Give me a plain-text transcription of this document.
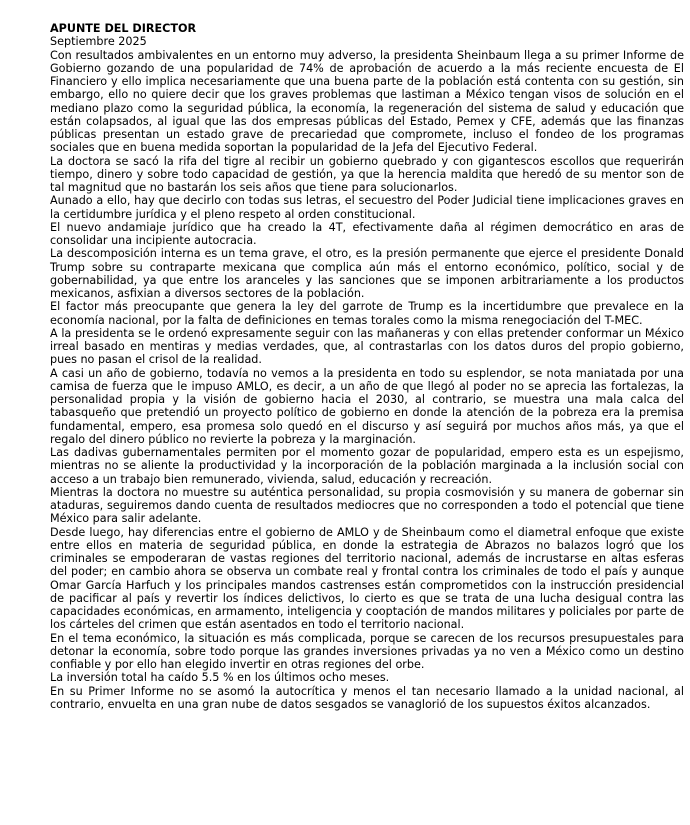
APUNTE DEL DIRECTOR
Septiembre 2025

Con resultados ambivalentes en un entorno muy adverso, la presidenta Sheinbaum llega a su primer Informe de Gobierno gozando de una popularidad de 74% de aprobación de acuerdo a la más reciente encuesta de El Financiero y ello implica necesariamente que una buena parte de la población está contenta con su gestión, sin embargo, ello no quiere decir que los graves problemas que lastiman a México tengan visos de solución en el mediano plazo como la seguridad pública, la economía, la regeneración del sistema de salud y educación que están colapsados, al igual que las dos empresas públicas del Estado, Pemex y CFE, además que las finanzas públicas presentan un estado grave de precariedad que compromete, incluso el fondeo de los programas sociales que en buena medida soportan la popularidad de la Jefa del Ejecutivo Federal.

La doctora se sacó la rifa del tigre al recibir un gobierno quebrado y con gigantescos escollos que requerirán tiempo, dinero y sobre todo capacidad de gestión, ya que la herencia maldita que heredó de su mentor son de tal magnitud que no bastarán los seis años que tiene para solucionarlos.

Aunado a ello, hay que decirlo con todas sus letras, el secuestro del Poder Judicial tiene implicaciones graves en la certidumbre jurídica y el pleno respeto al orden constitucional.

El nuevo andamiaje jurídico que ha creado la 4T, efectivamente daña al régimen democrático en aras de consolidar una incipiente autocracia.

La descomposición interna es un tema grave, el otro, es la presión permanente que ejerce el presidente Donald Trump sobre su contraparte mexicana que complica aún más el entorno económico, político, social y de gobernabilidad, ya que entre los aranceles y las sanciones que se imponen arbitrariamente a los productos mexicanos, asfixian a diversos sectores de la población.

El factor más preocupante que genera la ley del garrote de Trump es la incertidumbre que prevalece en la economía nacional, por la falta de definiciones en temas torales como la misma renegociación del T-MEC.

A la presidenta se le ordenó expresamente seguir con las mañaneras y con ellas pretender conformar un México irreal basado en mentiras y medias verdades, que, al contrastarlas con los datos duros del propio gobierno, pues no pasan el crisol de la realidad.

A casi un año de gobierno, todavía no vemos a la presidenta en todo su esplendor, se nota maniatada por una camisa de fuerza que le impuso AMLO, es decir, a un año de que llegó al poder no se aprecia las fortalezas, la personalidad propia y la visión de gobierno hacia el 2030, al contrario, se muestra una mala calca del tabasqueño que pretendió un proyecto político de gobierno en donde la atención de la pobreza era la premisa fundamental, empero, esa promesa solo quedó en el discurso y así seguirá por muchos años más, ya que el regalo del dinero público no revierte la pobreza y la marginación.

Las dadivas gubernamentales permiten por el momento gozar de popularidad, empero esta es un espejismo, mientras no se aliente la productividad y la incorporación de la población marginada a la inclusión social con acceso a un trabajo bien remunerado, vivienda, salud, educación y recreación.

Mientras la doctora no muestre su auténtica personalidad, su propia cosmovisión y su manera de gobernar sin ataduras, seguiremos dando cuenta de resultados mediocres que no corresponden a todo el potencial que tiene México para salir adelante.

Desde luego, hay diferencias entre el gobierno de AMLO y de Sheinbaum como el diametral enfoque que existe entre ellos en materia de seguridad pública, en donde la estrategia de Abrazos no balazos logró que los criminales se empoderaran de vastas regiones del territorio nacional, además de incrustarse en altas esferas del poder; en cambio ahora se observa un combate real y frontal contra los criminales de todo el país y aunque Omar García Harfuch y los principales mandos castrenses están comprometidos con la instrucción presidencial de pacificar al país y revertir los índices delictivos, lo cierto es que se trata de una lucha desigual contra las capacidades económicas, en armamento, inteligencia y cooptación de mandos militares y policiales por parte de los cárteles del crimen que están asentados en todo el territorio nacional.

En el tema económico, la situación es más complicada, porque se carecen de los recursos presupuestales para detonar la economía, sobre todo porque las grandes inversiones privadas ya no ven a México como un destino confiable y por ello han elegido invertir en otras regiones del orbe.

La inversión total ha caído 5.5 % en los últimos ocho meses.

En su Primer Informe no se asomó la autocrítica y menos el tan necesario llamado a la unidad nacional, al contrario, envuelta en una gran nube de datos sesgados se vanaglorió de los supuestos éxitos alcanzados.
